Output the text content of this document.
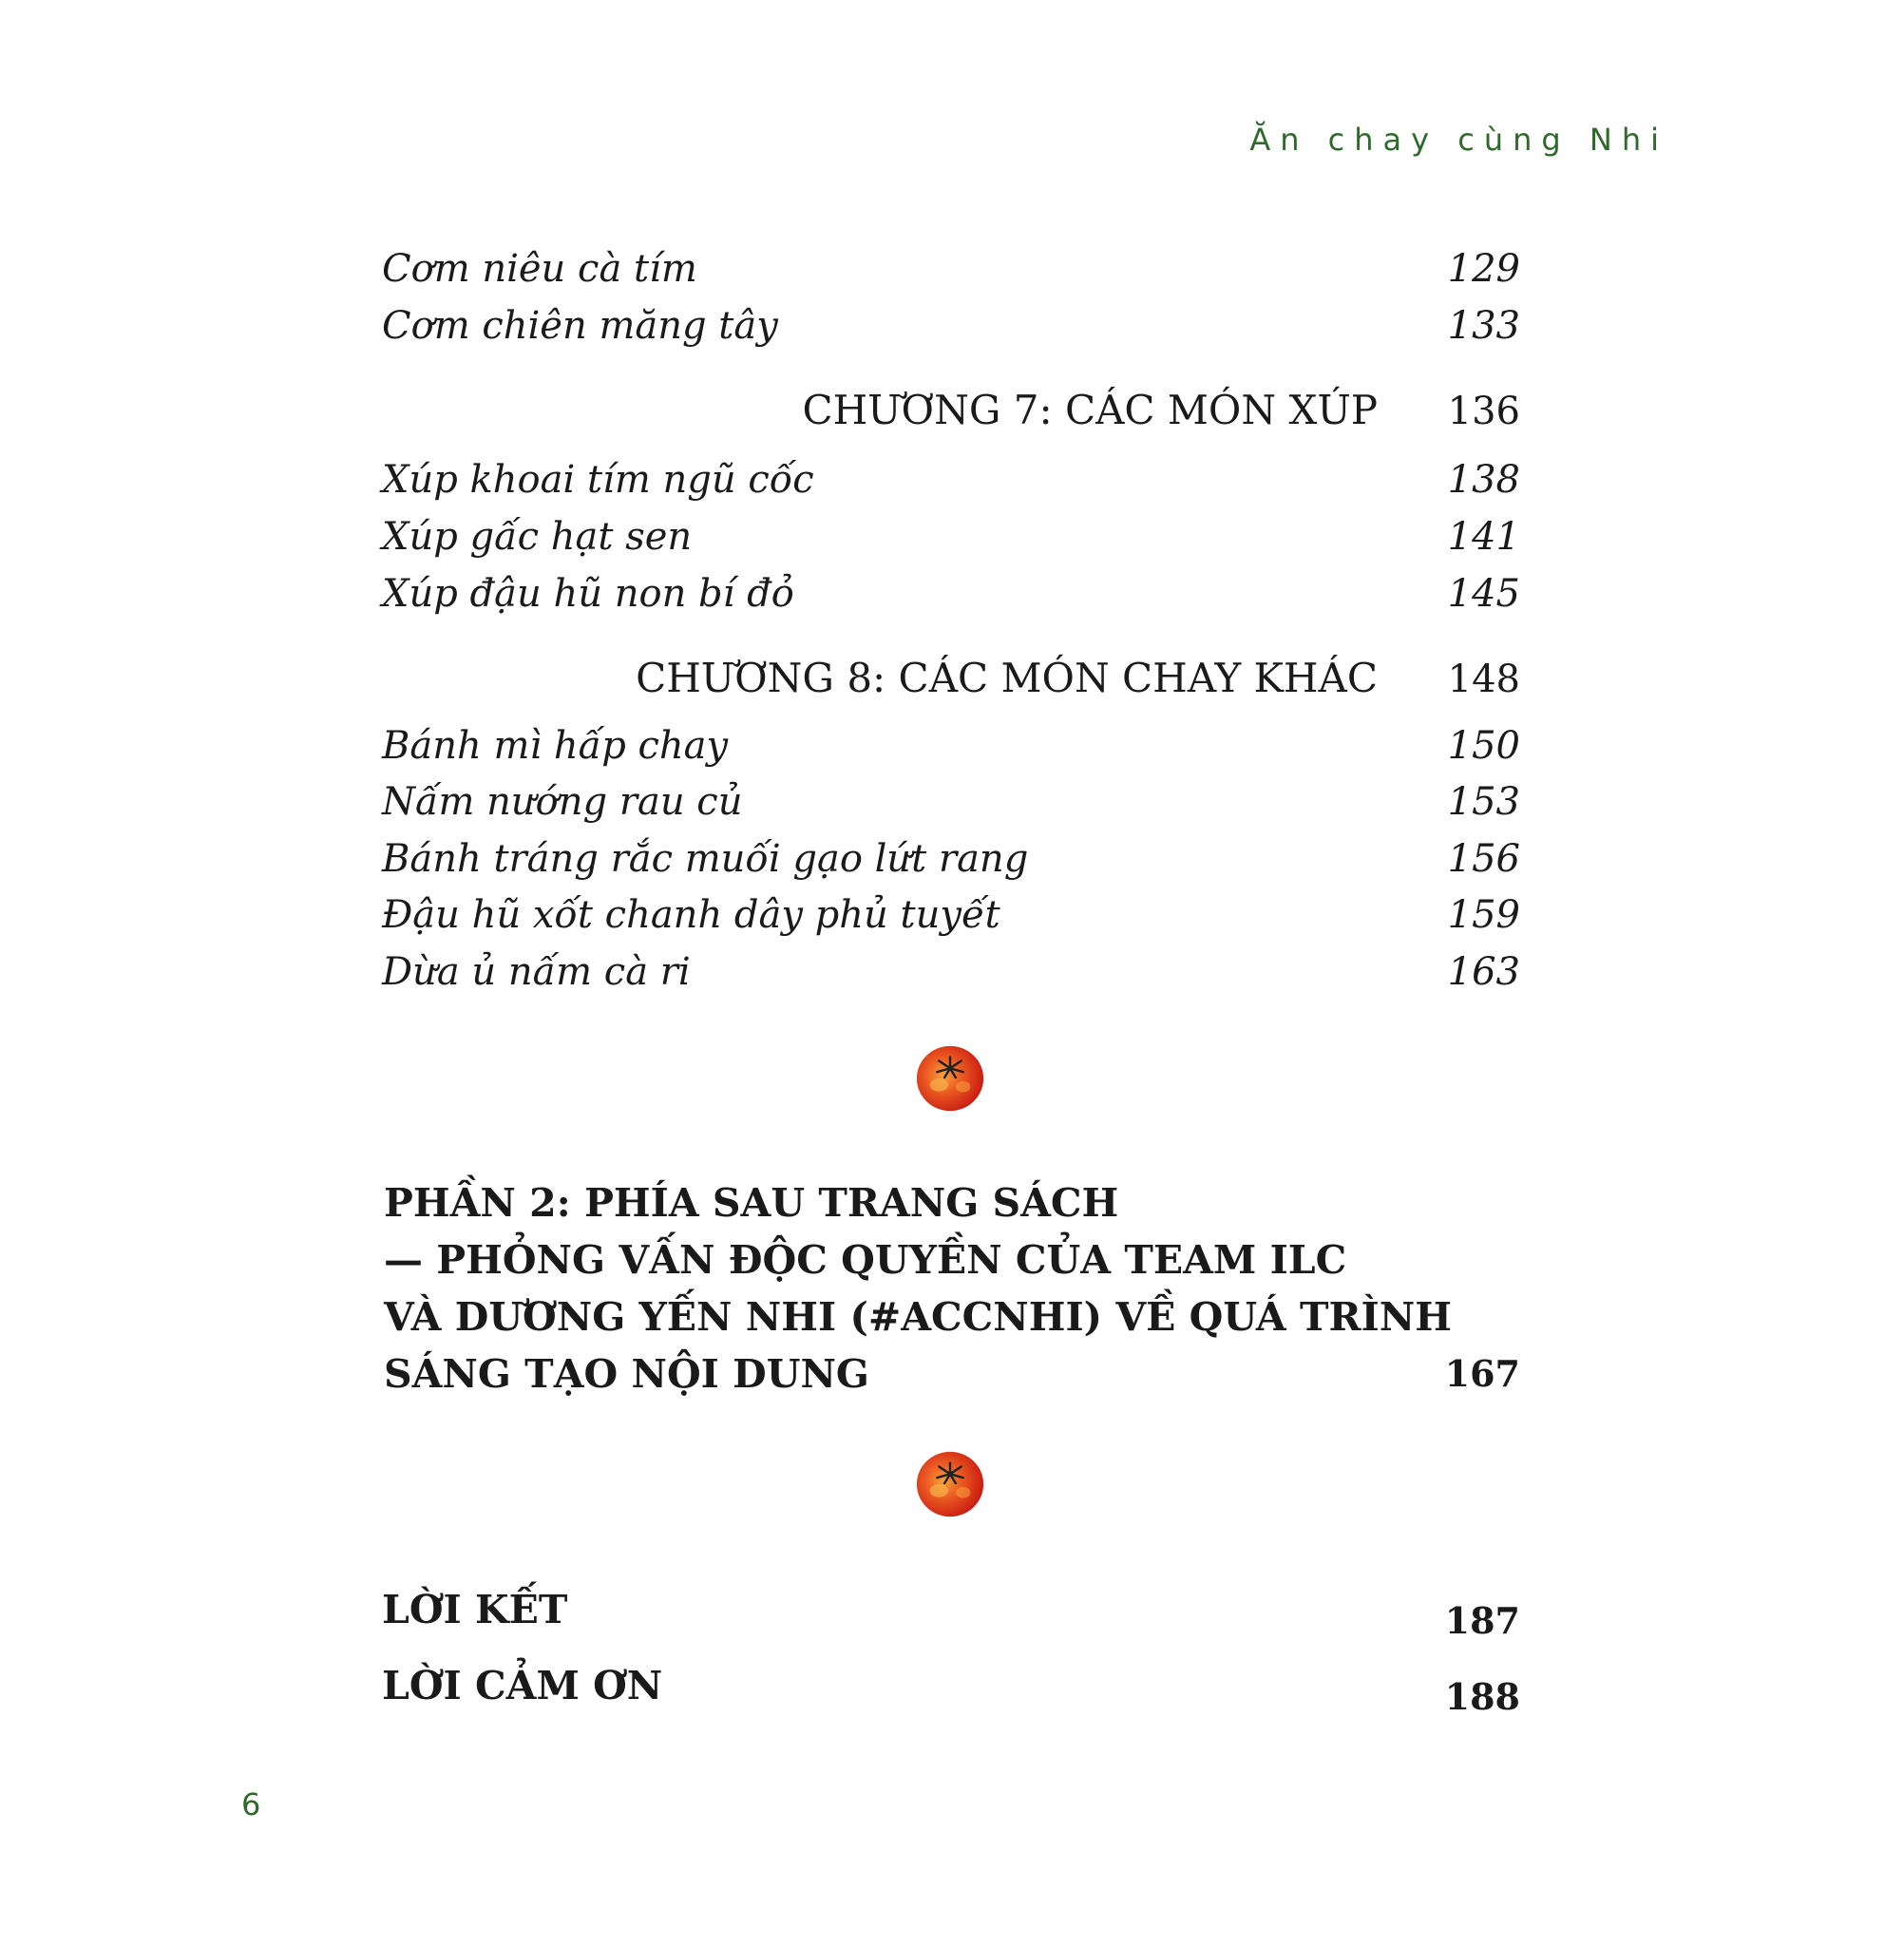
Ăn chay cùng Nhi
Cơm niêu cà tím	129
Cơm chiên măng tây	133
CHƯƠNG 7: CÁC MÓN XÚP 136
Xúp khoai tím ngũ cốc	138
Xúp gấc hạt sen	141
Xúp đậu hũ non bí đỏ	145
CHƯƠNG 8: CÁC MÓN CHAY KHÁC 148
Bánh mì hấp chay	150
Nấm nướng rau củ	153
Bánh tráng rắc muối gạo lứt rang	156
Đậu hũ xốt chanh dây phủ tuyết	159
Dừa ủ nấm cà ri	163
PHẦN 2: PHÍA SAU TRANG SÁCH
— PHỎNG VẤN ĐỘC QUYỀN CỦA TEAM ILC
VÀ DƯƠNG YẾN NHI (#ACCNHI) VỀ QUÁ TRÌNH
SÁNG TẠO NỘI DUNG	167
LỜI KẾT	187
LỜI CẢM ƠN	188
6
